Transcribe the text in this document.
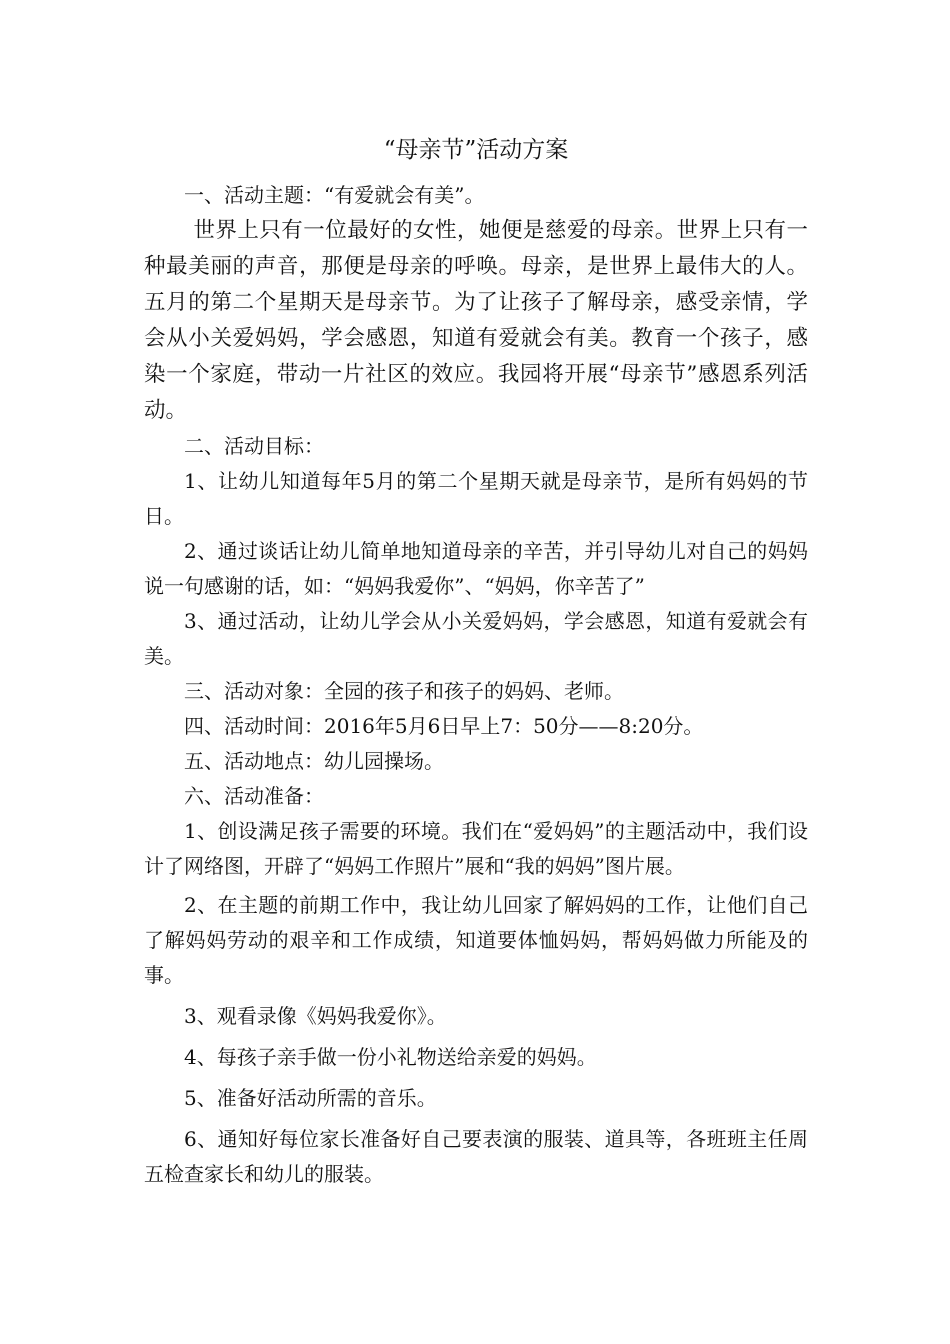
“母亲节”活动方案

一、活动主题：“有爱就会有美”。

世界上只有一位最好的女性，她便是慈爱的母亲。世界上只有一种最美丽的声音，那便是母亲的呼唤。母亲，是世界上最伟大的人。五月的第二个星期天是母亲节。为了让孩子了解母亲，感受亲情，学会从小关爱妈妈，学会感恩，知道有爱就会有美。教育一个孩子，感染一个家庭，带动一片社区的效应。我园将开展“母亲节”感恩系列活动。

二、活动目标：

1、让幼儿知道每年5月的第二个星期天就是母亲节，是所有妈妈的节日。

2、通过谈话让幼儿简单地知道母亲的辛苦，并引导幼儿对自己的妈妈说一句感谢的话，如：“妈妈我爱你”、“妈妈，你辛苦了”

3、通过活动，让幼儿学会从小关爱妈妈，学会感恩，知道有爱就会有美。

三、活动对象：全园的孩子和孩子的妈妈、老师。

四、活动时间：2016年5月6日早上7：50分——8:20分。

五、活动地点：幼儿园操场。

六、活动准备：

1、创设满足孩子需要的环境。我们在“爱妈妈”的主题活动中，我们设计了网络图，开辟了“妈妈工作照片”展和“我的妈妈”图片展。

2、在主题的前期工作中，我让幼儿回家了解妈妈的工作，让他们自己了解妈妈劳动的艰辛和工作成绩，知道要体恤妈妈，帮妈妈做力所能及的事。

3、观看录像《妈妈我爱你》。

4、每孩子亲手做一份小礼物送给亲爱的妈妈。

5、准备好活动所需的音乐。

6、通知好每位家长准备好自己要表演的服装、道具等，各班班主任周五检查家长和幼儿的服装。
